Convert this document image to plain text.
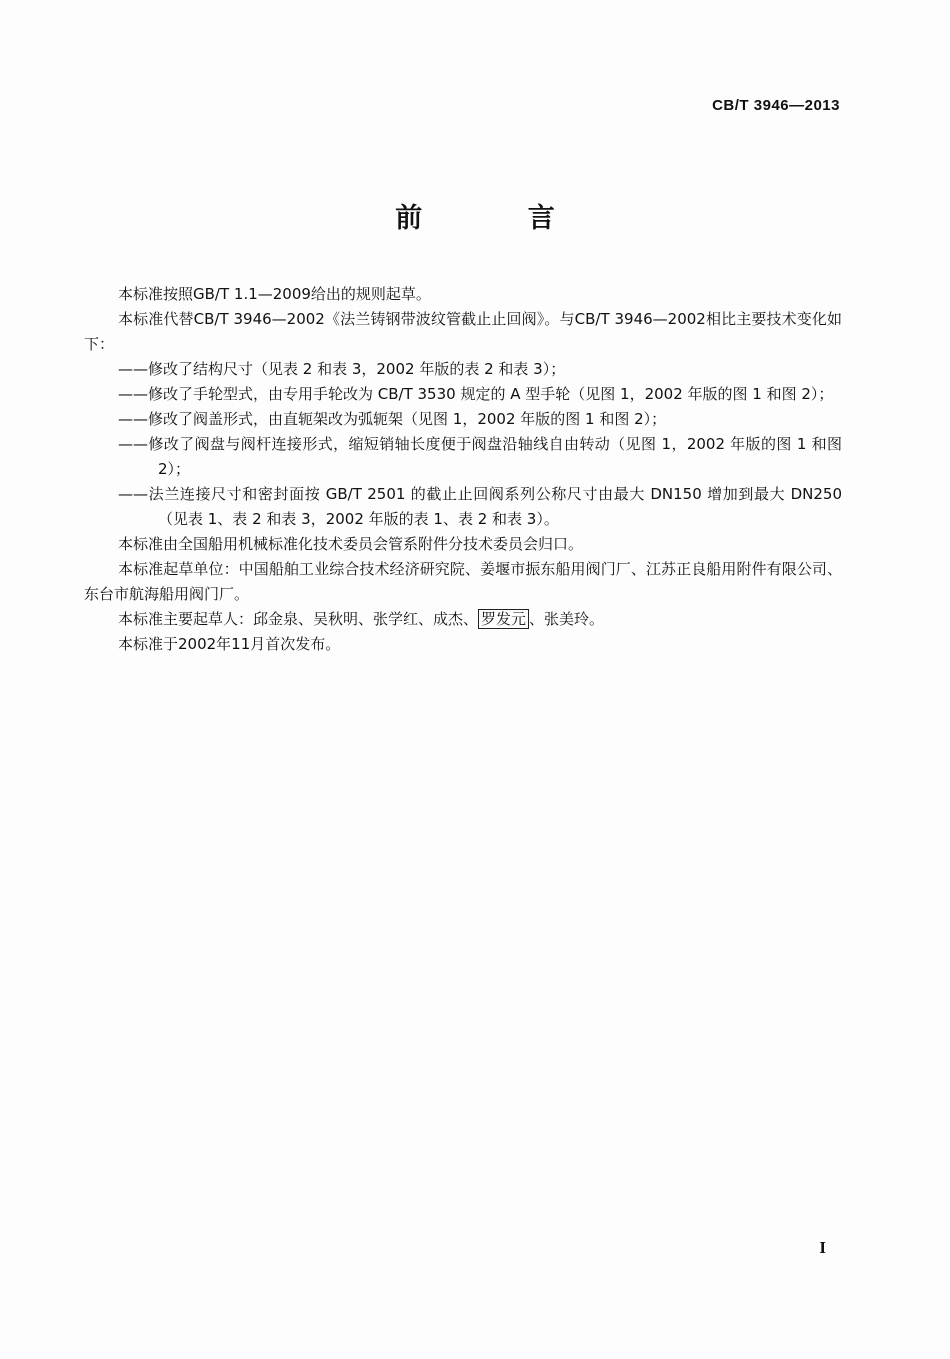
CB/T 3946—2013
前 言

本标准按照GB/T 1.1—2009给出的规则起草。

本标准代替CB/T 3946—2002《法兰铸钢带波纹管截止止回阀》。与CB/T 3946—2002相比主要技术变化如下：

——修改了结构尺寸（见表 2 和表 3，2002 年版的表 2 和表 3）；

——修改了手轮型式，由专用手轮改为 CB/T 3530 规定的 A 型手轮（见图 1，2002 年版的图 1 和图 2）；

——修改了阀盖形式，由直轭架改为弧轭架（见图 1，2002 年版的图 1 和图 2）；

——修改了阀盘与阀杆连接形式，缩短销轴长度便于阀盘沿轴线自由转动（见图 1，2002 年版的图 1 和图 2）；

——法兰连接尺寸和密封面按 GB/T 2501 的截止止回阀系列公称尺寸由最大 DN150 增加到最大 DN250（见表 1、表 2 和表 3，2002 年版的表 1、表 2 和表 3）。

本标准由全国船用机械标准化技术委员会管系附件分技术委员会归口。

本标准起草单位：中国船舶工业综合技术经济研究院、姜堰市振东船用阀门厂、江苏正良船用附件有限公司、东台市航海船用阀门厂。

本标准主要起草人：邱金泉、吴秋明、张学红、成杰、 罗发元 、张美玲。

本标准于2002年11月首次发布。

I
